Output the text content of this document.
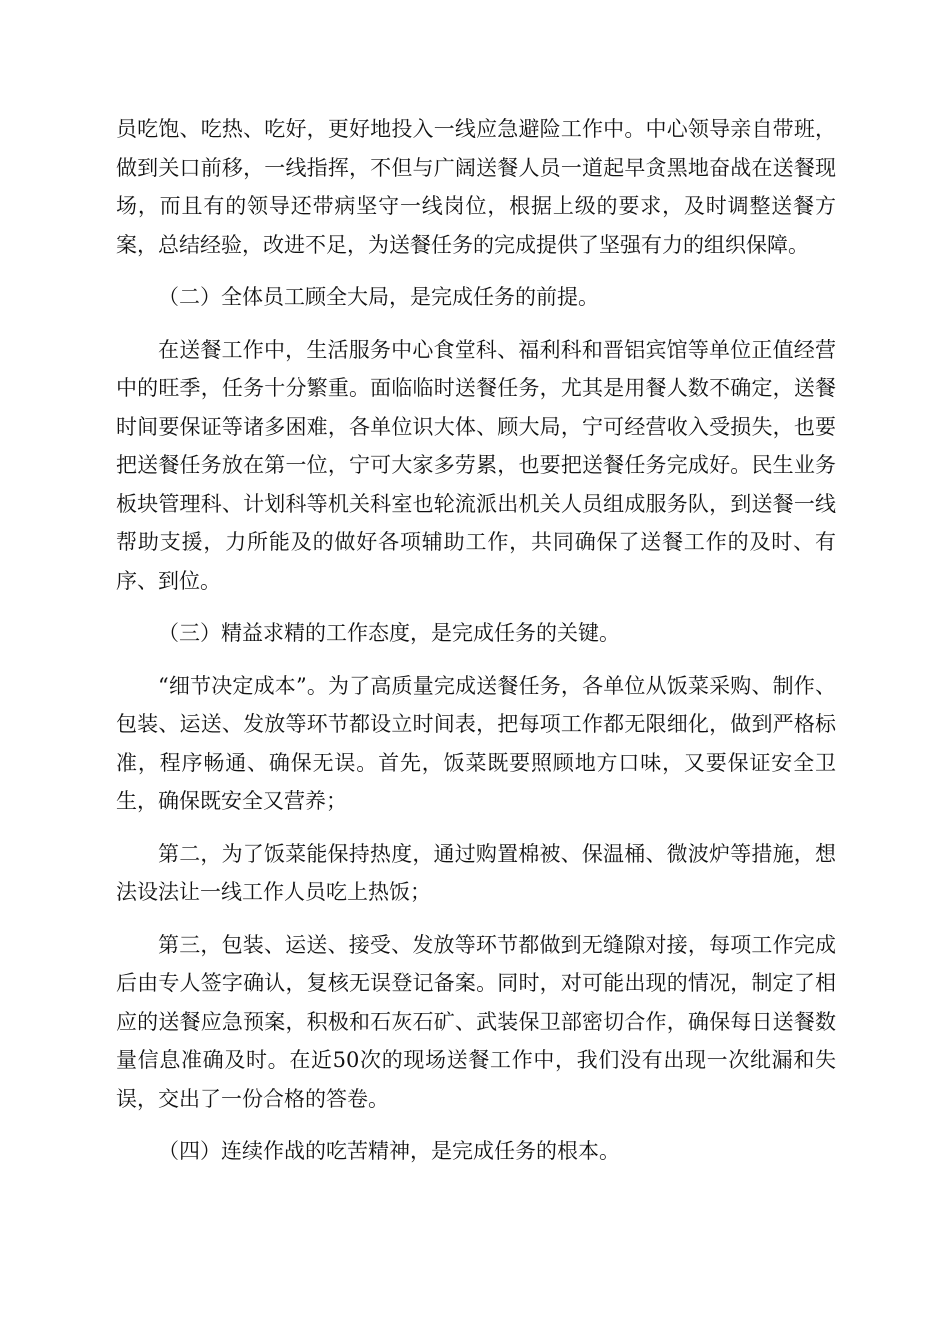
员吃饱、吃热、吃好，更好地投入一线应急避险工作中。中心领导亲自带班，做到关口前移，一线指挥，不但与广阔送餐人员一道起早贪黑地奋战在送餐现场，而且有的领导还带病坚守一线岗位，根据上级的要求，及时调整送餐方案，总结经验，改进不足，为送餐任务的完成提供了坚强有力的组织保障。

（二）全体员工顾全大局，是完成任务的前提。

在送餐工作中，生活服务中心食堂科、福利科和晋铝宾馆等单位正值经营中的旺季，任务十分繁重。面临临时送餐任务，尤其是用餐人数不确定，送餐时间要保证等诸多困难，各单位识大体、顾大局，宁可经营收入受损失，也要把送餐任务放在第一位，宁可大家多劳累，也要把送餐任务完成好。民生业务板块管理科、计划科等机关科室也轮流派出机关人员组成服务队，到送餐一线帮助支援，力所能及的做好各项辅助工作，共同确保了送餐工作的及时、有序、到位。

（三）精益求精的工作态度，是完成任务的关键。

“细节决定成本”。为了高质量完成送餐任务，各单位从饭菜采购、制作、包装、运送、发放等环节都设立时间表，把每项工作都无限细化，做到严格标准，程序畅通、确保无误。首先，饭菜既要照顾地方口味，又要保证安全卫生，确保既安全又营养；

第二，为了饭菜能保持热度，通过购置棉被、保温桶、微波炉等措施，想法设法让一线工作人员吃上热饭；

第三，包装、运送、接受、发放等环节都做到无缝隙对接，每项工作完成后由专人签字确认，复核无误登记备案。同时，对可能出现的情况，制定了相应的送餐应急预案，积极和石灰石矿、武装保卫部密切合作，确保每日送餐数量信息准确及时。在近50次的现场送餐工作中，我们没有出现一次纰漏和失误，交出了一份合格的答卷。

（四）连续作战的吃苦精神，是完成任务的根本。
